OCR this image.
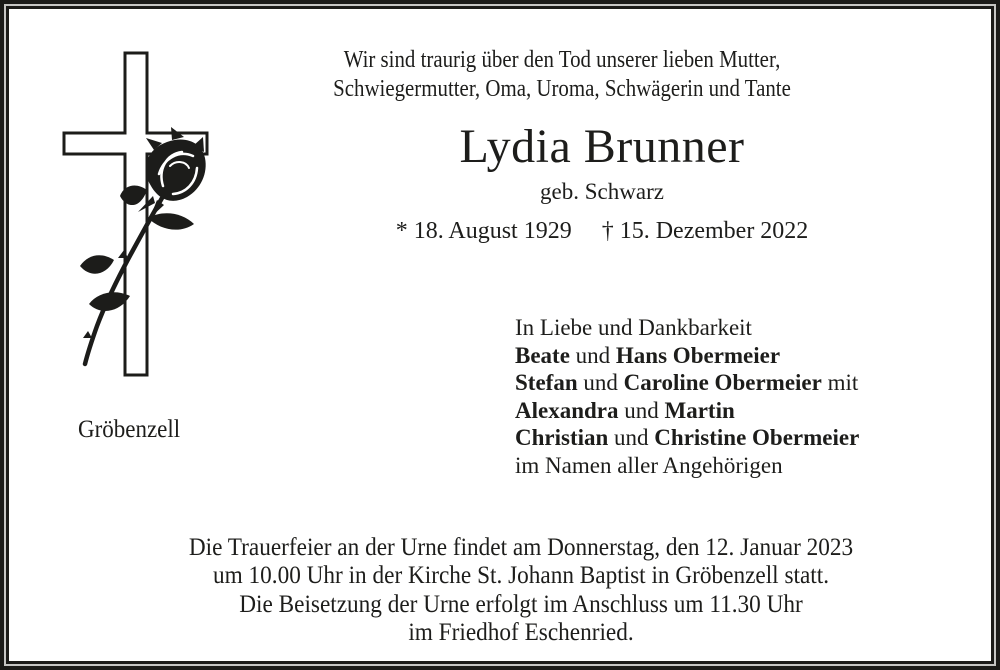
Wir sind traurig über den Tod unserer lieben Mutter,
Schwiegermutter, Oma, Uroma, Schwägerin und Tante
Lydia Brunner
geb. Schwarz
* 18. August 1929 † 15. Dezember 2022
In Liebe und Dankbarkeit
Beate und Hans Obermeier
Stefan und Caroline Obermeier mit
Alexandra und Martin
Christian und Christine Obermeier
im Namen aller Angehörigen
Gröbenzell
Die Trauerfeier an der Urne findet am Donnerstag, den 12. Januar 2023
um 10.00 Uhr in der Kirche St. Johann Baptist in Gröbenzell statt.
Die Beisetzung der Urne erfolgt im Anschluss um 11.30 Uhr
im Friedhof Eschenried.
